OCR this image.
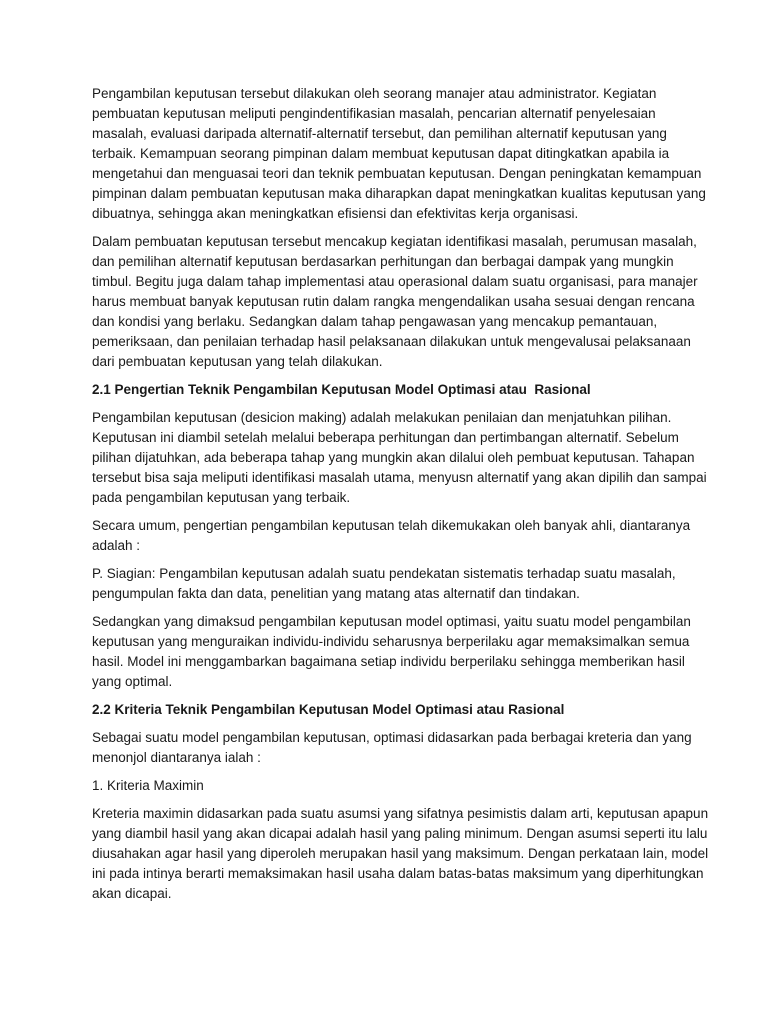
Pengambilan keputusan tersebut dilakukan oleh seorang manajer atau administrator. Kegiatan pembuatan keputusan meliputi pengindentifikasian masalah, pencarian alternatif penyelesaian masalah, evaluasi daripada alternatif-alternatif tersebut, dan pemilihan alternatif keputusan yang terbaik. Kemampuan seorang pimpinan dalam membuat keputusan dapat ditingkatkan apabila ia mengetahui dan menguasai teori dan teknik pembuatan keputusan. Dengan peningkatan kemampuan pimpinan dalam pembuatan keputusan maka diharapkan dapat meningkatkan kualitas keputusan yang dibuatnya, sehingga akan meningkatkan efisiensi dan efektivitas kerja organisasi.

Dalam pembuatan keputusan tersebut mencakup kegiatan identifikasi masalah, perumusan masalah, dan pemilihan alternatif keputusan berdasarkan perhitungan dan berbagai dampak yang mungkin timbul. Begitu juga dalam tahap implementasi atau operasional dalam suatu organisasi, para manajer harus membuat banyak keputusan rutin dalam rangka mengendalikan usaha sesuai dengan rencana dan kondisi yang berlaku. Sedangkan dalam tahap pengawasan yang mencakup pemantauan, pemeriksaan, dan penilaian terhadap hasil pelaksanaan dilakukan untuk mengevalusai pelaksanaan dari pembuatan keputusan yang telah dilakukan.

2.1 Pengertian Teknik Pengambilan Keputusan Model Optimasi atau  Rasional

Pengambilan keputusan (desicion making) adalah melakukan penilaian dan menjatuhkan pilihan. Keputusan ini diambil setelah melalui beberapa perhitungan dan pertimbangan alternatif. Sebelum pilihan dijatuhkan, ada beberapa tahap yang mungkin akan dilalui oleh pembuat keputusan. Tahapan tersebut bisa saja meliputi identifikasi masalah utama, menyusn alternatif yang akan dipilih dan sampai pada pengambilan keputusan yang terbaik.

Secara umum, pengertian pengambilan keputusan telah dikemukakan oleh banyak ahli, diantaranya adalah :

P. Siagian: Pengambilan keputusan adalah suatu pendekatan sistematis terhadap suatu masalah, pengumpulan fakta dan data, penelitian yang matang atas alternatif dan tindakan.

Sedangkan yang dimaksud pengambilan keputusan model optimasi, yaitu suatu model pengambilan keputusan yang menguraikan individu-individu seharusnya berperilaku agar memaksimalkan semua hasil. Model ini menggambarkan bagaimana setiap individu berperilaku sehingga memberikan hasil yang optimal.

2.2 Kriteria Teknik Pengambilan Keputusan Model Optimasi atau Rasional

Sebagai suatu model pengambilan keputusan, optimasi didasarkan pada berbagai kreteria dan yang menonjol diantaranya ialah :

1. Kriteria Maximin

Kreteria maximin didasarkan pada suatu asumsi yang sifatnya pesimistis dalam arti, keputusan apapun yang diambil hasil yang akan dicapai adalah hasil yang paling minimum. Dengan asumsi seperti itu lalu diusahakan agar hasil yang diperoleh merupakan hasil yang maksimum. Dengan perkataan lain, model ini pada intinya berarti memaksimakan hasil usaha dalam batas-batas maksimum yang diperhitungkan akan dicapai.
